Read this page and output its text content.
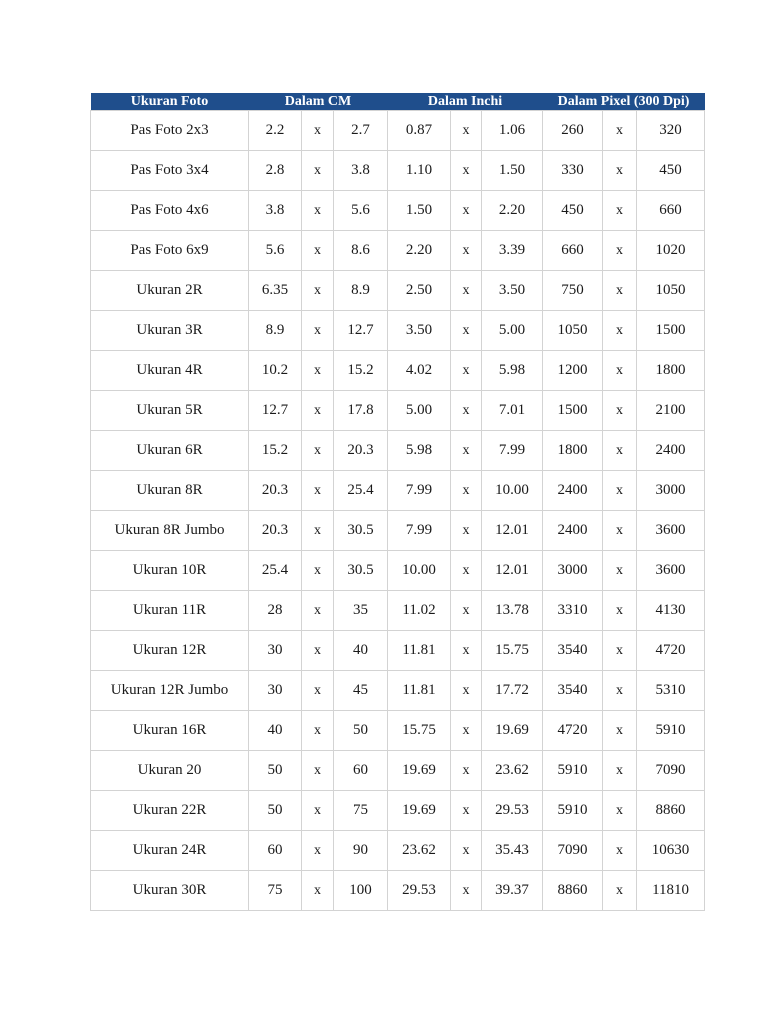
Ukuran Foto	Dalam CM			Dalam Inchi			Dalam Pixel (300 Dpi)		
Pas Foto 2x3	2.2	x	2.7	0.87	x	1.06	260	x	320
Pas Foto 3x4	2.8	x	3.8	1.10	x	1.50	330	x	450
Pas Foto 4x6	3.8	x	5.6	1.50	x	2.20	450	x	660
Pas Foto 6x9	5.6	x	8.6	2.20	x	3.39	660	x	1020
Ukuran 2R	6.35	x	8.9	2.50	x	3.50	750	x	1050
Ukuran 3R	8.9	x	12.7	3.50	x	5.00	1050	x	1500
Ukuran 4R	10.2	x	15.2	4.02	x	5.98	1200	x	1800
Ukuran 5R	12.7	x	17.8	5.00	x	7.01	1500	x	2100
Ukuran 6R	15.2	x	20.3	5.98	x	7.99	1800	x	2400
Ukuran 8R	20.3	x	25.4	7.99	x	10.00	2400	x	3000
Ukuran 8R Jumbo	20.3	x	30.5	7.99	x	12.01	2400	x	3600
Ukuran 10R	25.4	x	30.5	10.00	x	12.01	3000	x	3600
Ukuran 11R	28	x	35	11.02	x	13.78	3310	x	4130
Ukuran 12R	30	x	40	11.81	x	15.75	3540	x	4720
Ukuran 12R Jumbo	30	x	45	11.81	x	17.72	3540	x	5310
Ukuran 16R	40	x	50	15.75	x	19.69	4720	x	5910
Ukuran 20	50	x	60	19.69	x	23.62	5910	x	7090
Ukuran 22R	50	x	75	19.69	x	29.53	5910	x	8860
Ukuran 24R	60	x	90	23.62	x	35.43	7090	x	10630
Ukuran 30R	75	x	100	29.53	x	39.37	8860	x	11810
